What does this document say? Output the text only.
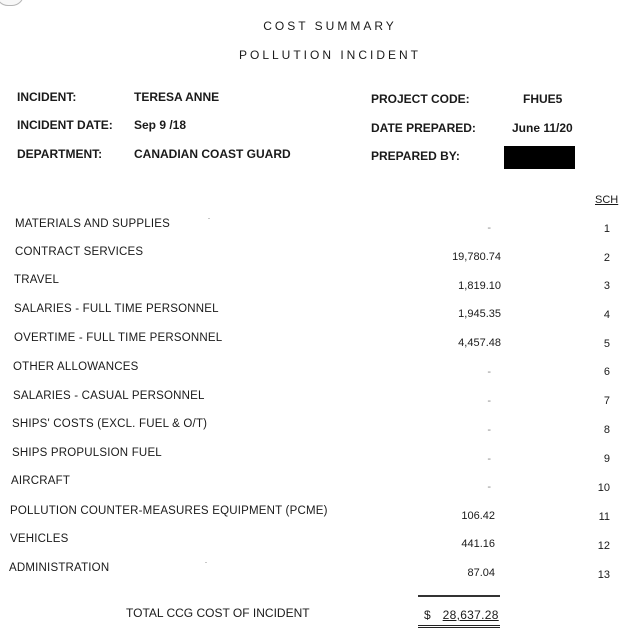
COST SUMMARY
POLLUTION INCIDENT
INCIDENT:	TERESA ANNE
INCIDENT DATE: Sep 9 /18
DEPARTMENT:	CANADIAN COAST GUARD
PROJECT CODE:	FHUE5
DATE PREPARED:	June 11/20
PREPARED BY:
SCH
MATERIALS AND SUPPLIES	-	1
CONTRACT SERVICES	19,780.74	2
TRAVEL	1,819.10	3
SALARIES - FULL TIME PERSONNEL	1,945.35	4
OVERTIME - FULL TIME PERSONNEL	4,457.48	5
OTHER ALLOWANCES	-	6
SALARIES - CASUAL PERSONNEL	-	7
SHIPS' COSTS (EXCL. FUEL & O/T)	-	8
SHIPS PROPULSION FUEL	-	9
AIRCRAFT	-	10
POLLUTION COUNTER-MEASURES EQUIPMENT (PCME)	106.42	11
VEHICLES	441.16	12
ADMINISTRATION	87.04	13
TOTAL CCG COST OF INCIDENT	$ 28,637.28
